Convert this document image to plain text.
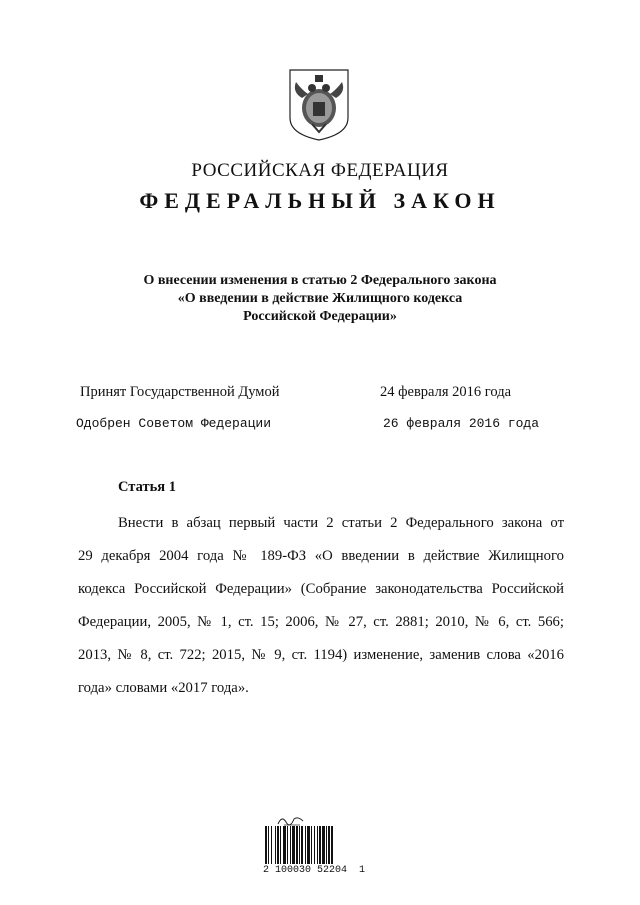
РОССИЙСКАЯ ФЕДЕРАЦИЯ
ФЕДЕРАЛЬНЫЙ ЗАКОН
О внесении изменения в статью 2 Федерального закона
«О введении в действие Жилищного кодекса
Российской Федерации»
Принят Государственной Думой	24 февраля 2016 года
Одобрен Советом Федерации	26 февраля 2016 года
Статья 1
Внести в абзац первый части 2 статьи 2 Федерального закона от
29 декабря 2004 года № 189-ФЗ «О введении в действие Жилищного
кодекса Российской Федерации» (Собрание законодательства Российской
Федерации, 2005, № 1, ст. 15; 2006, № 27, ст. 2881; 2010, № 6, ст. 566;
2013, № 8, ст. 722; 2015, № 9, ст. 1194) изменение, заменив слова «2016
года» словами «2017 года».
2 100030 52204  1
